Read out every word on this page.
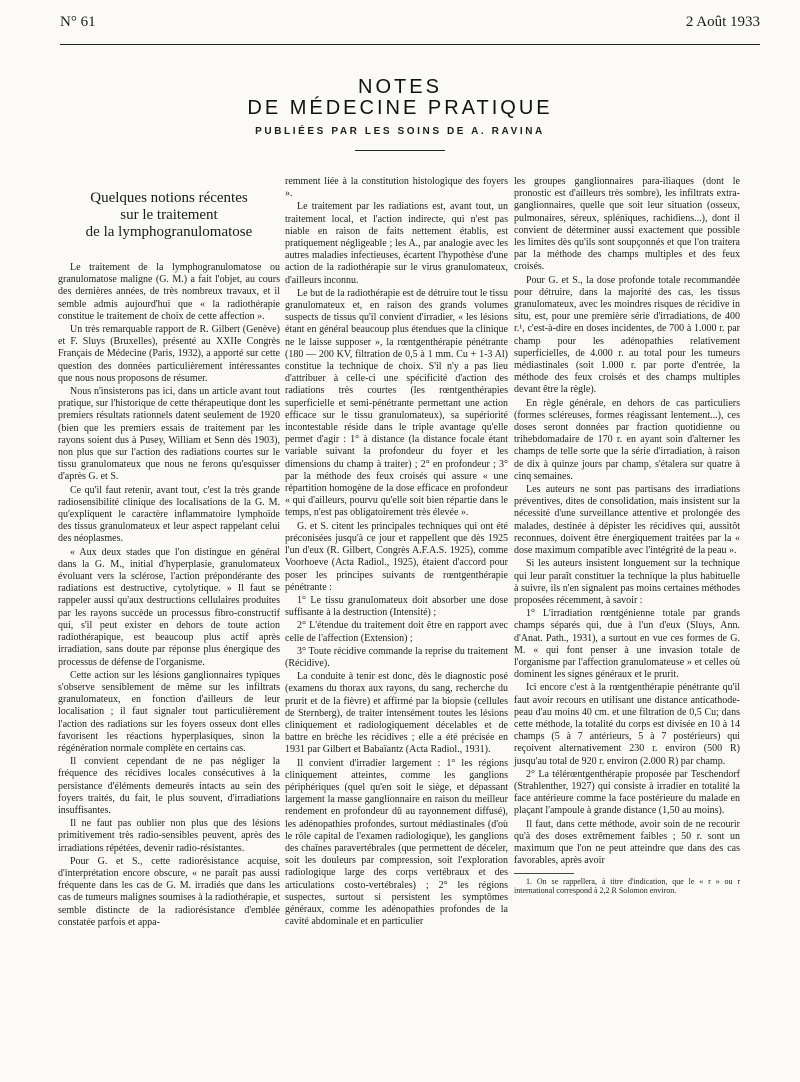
N° 61	2 Août 1933
NOTES
DE MÉDECINE PRATIQUE
PUBLIÉES PAR LES SOINS DE A. RAVINA
Quelques notions récentes
sur le traitement
de la lymphogranulomatose

Le traitement de la lymphogranulomatose ou granulomatose maligne (G. M.) a fait l'objet, au cours des dernières années, de très nombreux travaux, et il semble admis aujourd'hui que « la radiothérapie constitue le traitement de choix de cette affection ».

Un très remarquable rapport de R. Gilbert (Genève) et F. Sluys (Bruxelles), présenté au XXIIe Congrès Français de Médecine (Paris, 1932), a apporté sur cette question des données particulièrement intéressantes que nous nous proposons de résumer.

Nous n'insisterons pas ici, dans un article avant tout pratique, sur l'historique de cette thérapeutique dont les premiers résultats rationnels datent seulement de 1920 (bien que les premiers essais de traitement par les rayons soient dus à Pusey, William et Senn dès 1903), non plus que sur l'action des radiations courtes sur le tissu granulomateux que nous ne ferons qu'esquisser d'après G. et S.

Ce qu'il faut retenir, avant tout, c'est la très grande radiosensibilité clinique des localisations de la G. M. qu'expliquent le caractère inflammatoire lymphoïde des tissus granulomateux et leur aspect rappelant celui des néoplasmes.

« Aux deux stades que l'on distingue en général dans la G. M., initial d'hyperplasie, granulomateux évoluant vers la sclérose, l'action prépondérante des radiations est destructive, cytolytique. » Il faut se rappeler aussi qu'aux destructions cellulaires produites par les rayons succède un processus fibro-constructif qui, s'il peut exister en dehors de toute action radiothérapique, est beaucoup plus actif après irradiation, sans doute par réponse plus énergique des processus de défense de l'organisme.

Cette action sur les lésions ganglionnaires typiques s'observe sensiblement de même sur les infiltrats granulomateux, en fonction d'ailleurs de leur localisation ; il faut signaler tout particulièrement l'action des radiations sur les foyers osseux dont elles favorisent les réactions hyperplasiques, sinon la régénération normale complète en certains cas.

Il convient cependant de ne pas négliger la fréquence des récidives locales consécutives à la persistance d'éléments demeurés intacts au sein des foyers traités, du fait, le plus souvent, d'irradiations insuffisantes.

Il ne faut pas oublier non plus que des lésions primitivement très radio-sensibles peuvent, après des irradiations répétées, devenir radio-résistantes.

Pour G. et S., cette radiorésistance acquise, d'interprétation encore obscure, « ne paraît pas aussi fréquente dans les cas de G. M. irradiés que dans les cas de tumeurs malignes soumises à la radiothérapie, et semble distincte de la radiorésistance d'emblée constatée parfois et appa-

remment liée à la constitution histologique des foyers ».

Le traitement par les radiations est, avant tout, un traitement local, et l'action indirecte, qui n'est pas niable en raison de faits nettement établis, est pratiquement négligeable ; les A., par analogie avec les autres maladies infectieuses, écartent l'hypothèse d'une action de la radiothérapie sur le virus granulomateux, d'ailleurs inconnu.

Le but de la radiothérapie est de détruire tout le tissu granulomateux et, en raison des grands volumes suspects de tissus qu'il convient d'irradier, « les lésions étant en général beaucoup plus étendues que la clinique ne le laisse supposer », la rœntgenthérapie pénétrante (180 — 200 KV, filtration de 0,5 à 1 mm. Cu + 1-3 Al) constitue la technique de choix. S'il n'y a pas lieu d'attribuer à celle-ci une spécificité d'action des radiations très courtes (les rœntgenthérapies superficielle et semi-pénétrante permettant une action efficace sur le tissu granulomateux), sa supériorité incontestable réside dans le triple avantage qu'elle permet d'agir : 1° à distance (la distance focale étant variable suivant la profondeur du foyer et les dimensions du champ à traiter) ; 2° en profondeur ; 3° par la méthode des feux croisés qui assure « une répartition homogène de la dose efficace en profondeur « qui d'ailleurs, pourvu qu'elle soit bien répartie dans le temps, n'est pas obligatoirement très élevée ».

G. et S. citent les principales techniques qui ont été préconisées jusqu'à ce jour et rappellent que dès 1925 l'un d'eux (R. Gilbert, Congrès A.F.A.S. 1925), comme Voorhoeve (Acta Radiol., 1925), étaient d'accord pour poser les principes suivants de rœntgenthérapie pénétrante :

1° Le tissu granulomateux doit absorber une dose suffisante à la destruction (Intensité) ;

2° L'étendue du traitement doit être en rapport avec celle de l'affection (Extension) ;

3° Toute récidive commande la reprise du traitement (Récidive).

La conduite à tenir est donc, dès le diagnostic posé (examens du thorax aux rayons, du sang, recherche du prurit et de la fièvre) et affirmé par la biopsie (cellules de Sternberg), de traiter intensément toutes les lésions cliniquement et radiologiquement décelables et de battre en brèche les récidives ; elle a été précisée en 1931 par Gilbert et Babaïantz (Acta Radiol., 1931).

Il convient d'irradier largement : 1° les régions cliniquement atteintes, comme les ganglions périphériques (quel qu'en soit le siège, et dépassant largement la masse ganglionnaire en raison du meilleur rendement en profondeur dû au rayonnement diffusé), les adénopathies profondes, surtout médiastinales (d'où le rôle capital de l'examen radiologique), les ganglions des chaînes paravertébrales (que permettent de déceler, soit les douleurs par compression, soit l'exploration radiologique large des corps vertébraux et des articulations costo-vertébrales) ; 2° les régions suspectes, surtout si persistent les symptômes généraux, comme les adénopathies profondes de la cavité abdominale et en particulier

les groupes ganglionnaires para-iliaques (dont le pronostic est d'ailleurs très sombre), les infiltrats extra-ganglionnaires, quelle que soit leur situation (osseux, pulmonaires, séreux, spléniques, rachidiens...), dont il convient de déterminer aussi exactement que possible les limites dès qu'ils sont soupçonnés et que l'on traitera par la méthode des champs multiples et des feux croisés.

Pour G. et S., la dose profonde totale recommandée pour détruire, dans la majorité des cas, les tissus granulomateux, avec les moindres risques de récidive in situ, est, pour une première série d'irradiations, de 400 r.¹, c'est-à-dire en doses incidentes, de 700 à 1.000 r. par champ pour les adénopathies relativement superficielles, de 4.000 r. au total pour les tumeurs médiastinales (soit 1.000 r. par porte d'entrée, la méthode des feux croisés et des champs multiples devant être la règle).

En règle générale, en dehors de cas particuliers (formes scléreuses, formes réagissant lentement...), ces doses seront données par fraction quotidienne ou trihebdomadaire de 170 r. en ayant soin d'alterner les champs de telle sorte que la série d'irradiation, à raison de dix à quinze jours par champ, s'étalera sur quatre à cinq semaines.

Les auteurs ne sont pas partisans des irradiations préventives, dites de consolidation, mais insistent sur la nécessité d'une surveillance attentive et prolongée des malades, destinée à dépister les récidives qui, aussitôt reconnues, doivent être énergiquement traitées par la « dose maximum compatible avec l'intégrité de la peau ».

Si les auteurs insistent longuement sur la technique qui leur paraît constituer la technique la plus habituelle à suivre, ils n'en signalent pas moins certaines méthodes proposées récemment, à savoir :

1° L'irradiation rœntgénienne totale par grands champs séparés qui, due à l'un d'eux (Sluys, Ann. d'Anat. Path., 1931), a surtout en vue ces formes de G. M. « qui font penser à une invasion totale de l'organisme par l'affection granulomateuse » et celles où dominent les signes généraux et le prurit.

Ici encore c'est à la rœntgenthérapie pénétrante qu'il faut avoir recours en utilisant une distance anticathode-peau d'au moins 40 cm. et une filtration de 0,5 Cu; dans cette méthode, la totalité du corps est divisée en 10 à 14 champs (5 à 7 antérieurs, 5 à 7 postérieurs) qui reçoivent alternativement 230 r. environ (500 R) jusqu'au total de 920 r. environ (2.000 R) par champ.

2° La télérœntgenthérapie proposée par Teschendorf (Strahlenther, 1927) qui consiste à irradier en totalité la face antérieure comme la face postérieure du malade en plaçant l'ampoule à grande distance (1,50 au moins).

Il faut, dans cette méthode, avoir soin de ne recourir qu'à des doses extrêmement faibles ; 50 r. sont un maximum que l'on ne peut atteindre que dans des cas favorables, après avoir

1. On se rappellera, à titre d'indication, que le « r » ou r international correspond à 2,2 R Solomon environ.
